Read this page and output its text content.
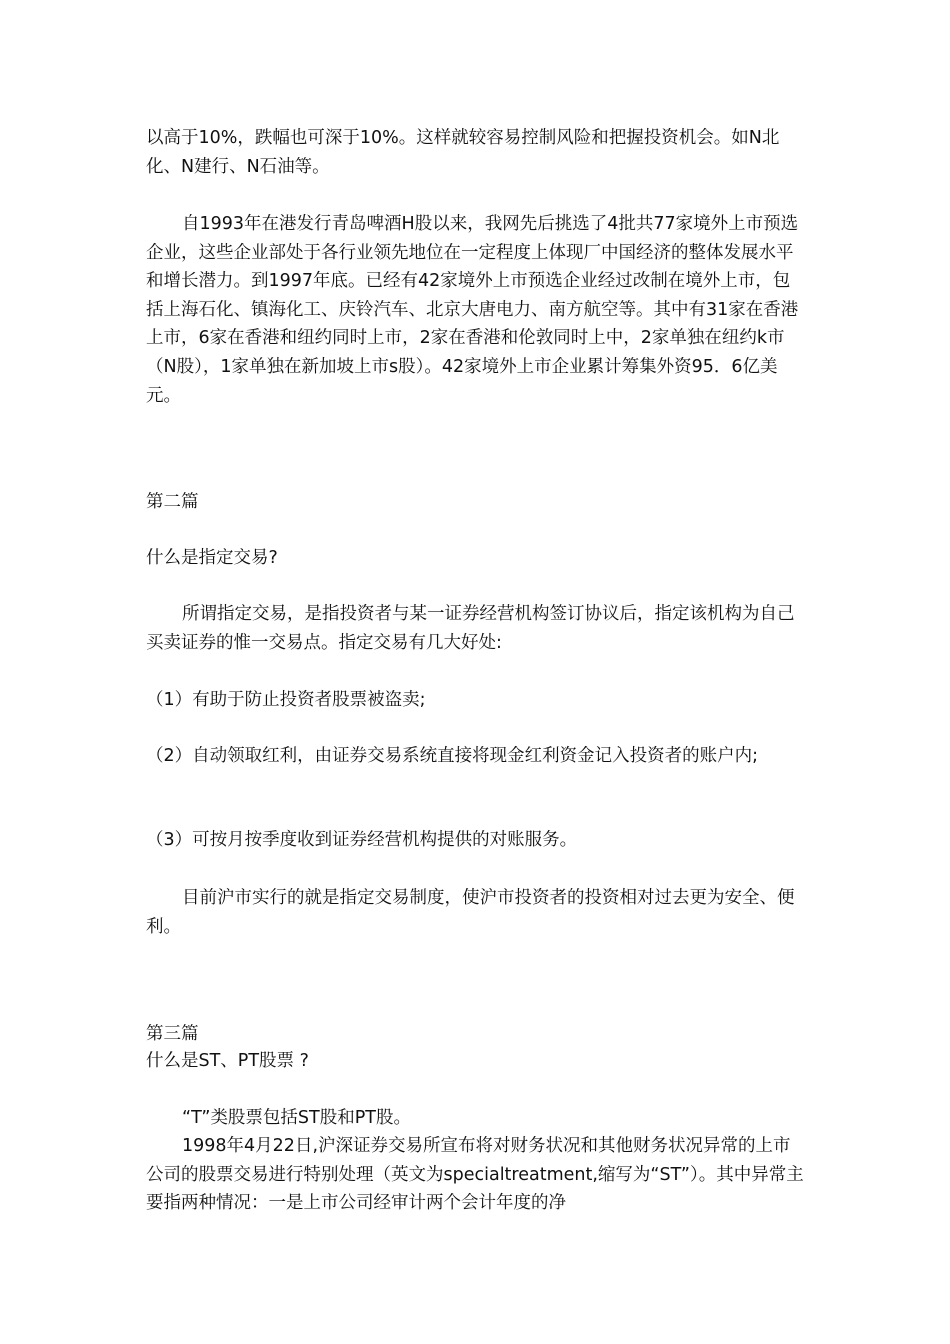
以高于10%，跌幅也可深于10%。这样就较容易控制风险和把握投资机会。如N北化、N建行、N石油等。

自1993年在港发行青岛啤酒H股以来，我网先后挑选了4批共77家境外上市预选企业，这些企业部处于各行业领先地位在一定程度上体现厂中国经济的整体发展水平和增长潜力。到1997年底。已经有42家境外上市预选企业经过改制在境外上市，包括上海石化、镇海化工、庆铃汽车、北京大唐电力、南方航空等。其中有31家在香港上市，6家在香港和纽约同时上市，2家在香港和伦敦同时上中，2家单独在纽约k市（N股），1家单独在新加坡上市s股）。42家境外上市企业累计筹集外资95．6亿美元。

第二篇

什么是指定交易?

所谓指定交易，是指投资者与某一证券经营机构签订协议后，指定该机构为自己买卖证券的惟一交易点。指定交易有几大好处:

（1）有助于防止投资者股票被盗卖;

（2）自动领取红利，由证券交易系统直接将现金红利资金记入投资者的账户内;

（3）可按月按季度收到证券经营机构提供的对账服务。

目前沪市实行的就是指定交易制度，使沪市投资者的投资相对过去更为安全、便利。

第三篇

什么是ST、PT股票 ?

“T”类股票包括ST股和PT股。

1998年4月22日,沪深证券交易所宣布将对财务状况和其他财务状况异常的上市公司的股票交易进行特别处理（英文为specialtreatment,缩写为“ST”）。其中异常主要指两种情况：一是上市公司经审计两个会计年度的净
